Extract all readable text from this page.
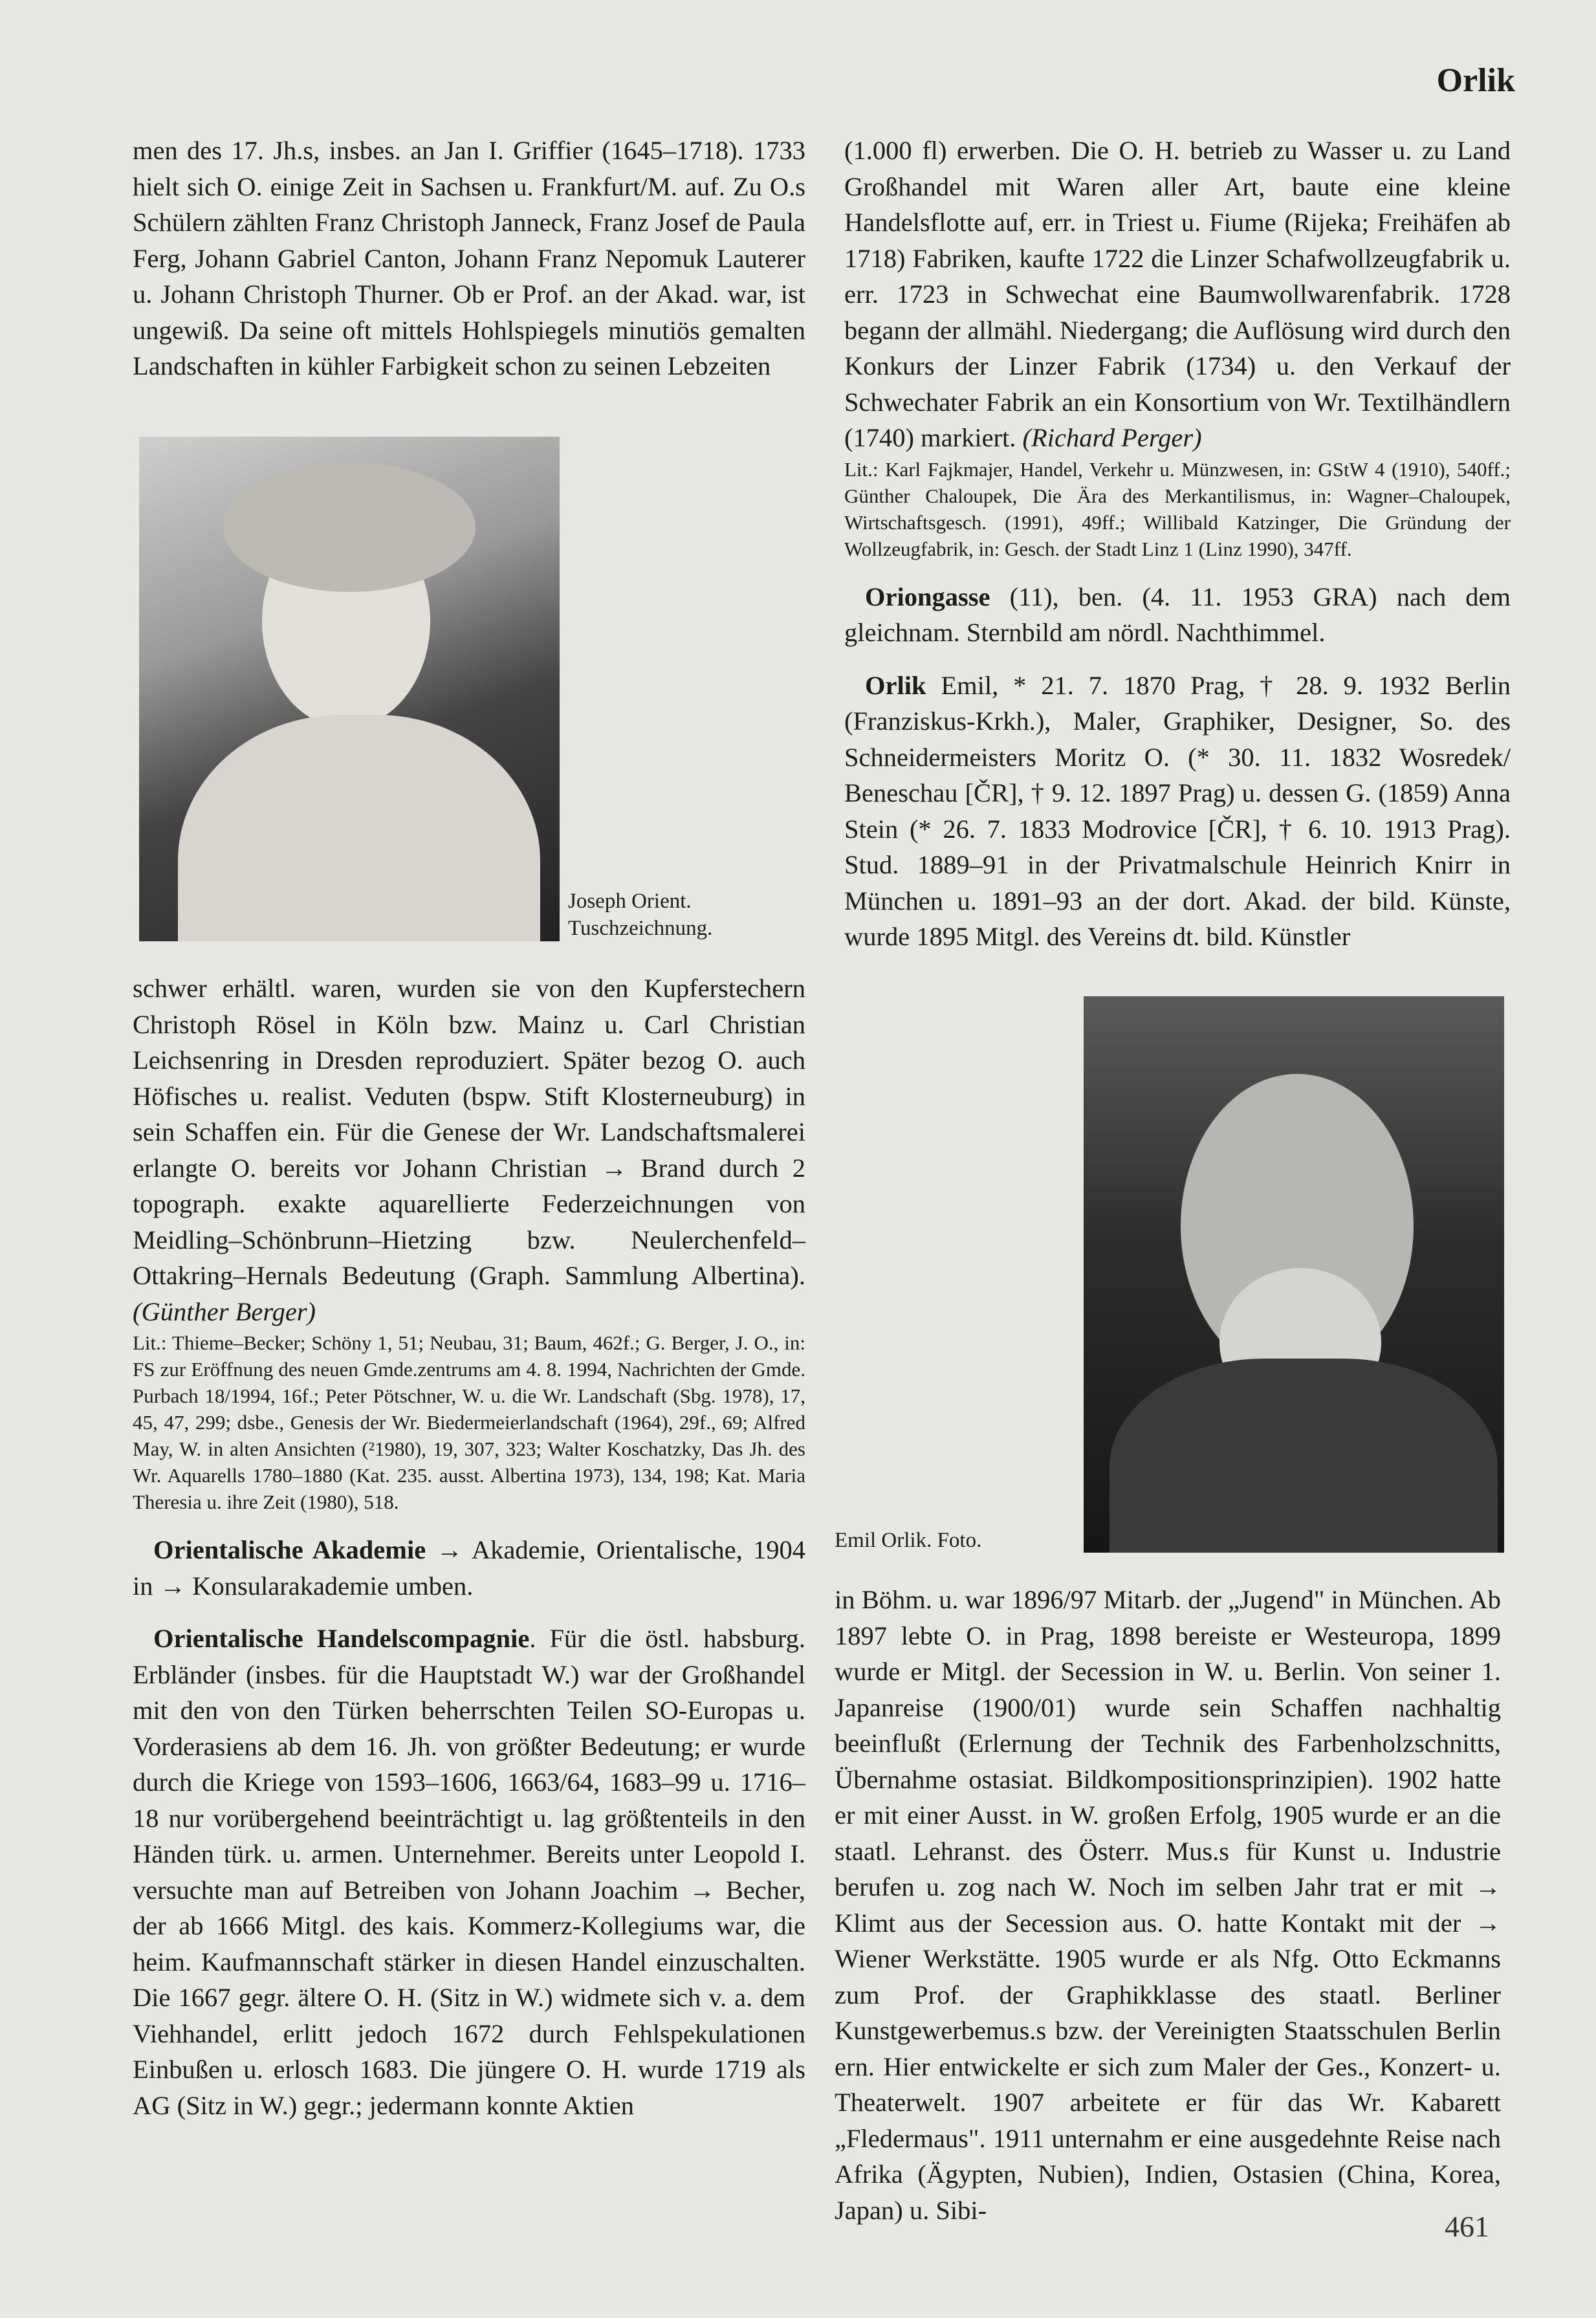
Orlik

men des 17. Jh.s, insbes. an Jan I. Griffier (1645–1718). 1733 hielt sich O. einige Zeit in Sachsen u. Frankfurt/M. auf. Zu O.s Schülern zählten Franz Christoph Janneck, Franz Josef de Paula Ferg, Johann Gabriel Canton, Johann Franz Nepomuk Lauterer u. Johann Christoph Thurner. Ob er Prof. an der Akad. war, ist ungewiß. Da seine oft mittels Hohlspiegels minutiös gemalten Landschaften in kühler Farbigkeit schon zu seinen Lebzeiten

Joseph Orient. Tuschzeichnung.

schwer erhältl. waren, wurden sie von den Kupferstechern Christoph Rösel in Köln bzw. Mainz u. Carl Christian Leichsenring in Dresden reproduziert. Später bezog O. auch Höfisches u. realist. Veduten (bspw. Stift Klosterneuburg) in sein Schaffen ein. Für die Genese der Wr. Landschaftsmalerei erlangte O. bereits vor Johann Christian → Brand durch 2 topograph. exakte aquarellierte Federzeichnungen von Meidling–Schönbrunn–Hietzing bzw. Neulerchenfeld–Ottakring–Hernals Bedeutung (Graph. Sammlung Albertina). (Günther Berger)

Lit.: Thieme–Becker; Schöny 1, 51; Neubau, 31; Baum, 462f.; G. Berger, J. O., in: FS zur Eröffnung des neuen Gmde.zentrums am 4. 8. 1994, Nachrichten der Gmde. Purbach 18/1994, 16f.; Peter Pötschner, W. u. die Wr. Landschaft (Sbg. 1978), 17, 45, 47, 299; dsbe., Genesis der Wr. Biedermeierlandschaft (1964), 29f., 69; Alfred May, W. in alten Ansichten (²1980), 19, 307, 323; Walter Koschatzky, Das Jh. des Wr. Aquarells 1780–1880 (Kat. 235. ausst. Albertina 1973), 134, 198; Kat. Maria Theresia u. ihre Zeit (1980), 518.

Orientalische Akademie → Akademie, Orientalische, 1904 in → Konsularakademie umben.

Orientalische Handelscompagnie. Für die östl. habsburg. Erbländer (insbes. für die Hauptstadt W.) war der Großhandel mit den von den Türken beherrschten Teilen SO-Europas u. Vorderasiens ab dem 16. Jh. von größter Bedeutung; er wurde durch die Kriege von 1593–1606, 1663/64, 1683–99 u. 1716–18 nur vorübergehend beeinträchtigt u. lag größtenteils in den Händen türk. u. armen. Unternehmer. Bereits unter Leopold I. versuchte man auf Betreiben von Johann Joachim → Becher, der ab 1666 Mitgl. des kais. Kommerz-Kollegiums war, die heim. Kaufmannschaft stärker in diesen Handel einzuschalten. Die 1667 gegr. ältere O. H. (Sitz in W.) widmete sich v. a. dem Viehhandel, erlitt jedoch 1672 durch Fehlspekulationen Einbußen u. erlosch 1683. Die jüngere O. H. wurde 1719 als AG (Sitz in W.) gegr.; jedermann konnte Aktien

(1.000 fl) erwerben. Die O. H. betrieb zu Wasser u. zu Land Großhandel mit Waren aller Art, baute eine kleine Handelsflotte auf, err. in Triest u. Fiume (Rijeka; Freihäfen ab 1718) Fabriken, kaufte 1722 die Linzer Schafwollzeugfabrik u. err. 1723 in Schwechat eine Baumwollwarenfabrik. 1728 begann der allmähl. Niedergang; die Auflösung wird durch den Konkurs der Linzer Fabrik (1734) u. den Verkauf der Schwechater Fabrik an ein Konsortium von Wr. Textilhändlern (1740) markiert. (Richard Perger)

Lit.: Karl Fajkmajer, Handel, Verkehr u. Münzwesen, in: GStW 4 (1910), 540ff.; Günther Chaloupek, Die Ära des Merkantilismus, in: Wagner–Chaloupek, Wirtschaftsgesch. (1991), 49ff.; Willibald Katzinger, Die Gründung der Wollzeugfabrik, in: Gesch. der Stadt Linz 1 (Linz 1990), 347ff.

Oriongasse (11), ben. (4. 11. 1953 GRA) nach dem gleichnam. Sternbild am nördl. Nachthimmel.

Orlik Emil, * 21. 7. 1870 Prag, † 28. 9. 1932 Berlin (Franziskus-Krkh.), Maler, Graphiker, Designer, So. des Schneidermeisters Moritz O. (* 30. 11. 1832 Wosredek/ Beneschau [ČR], † 9. 12. 1897 Prag) u. dessen G. (1859) Anna Stein (* 26. 7. 1833 Modrovice [ČR], † 6. 10. 1913 Prag). Stud. 1889–91 in der Privatmalschule Heinrich Knirr in München u. 1891–93 an der dort. Akad. der bild. Künste, wurde 1895 Mitgl. des Vereins dt. bild. Künstler

Emil Orlik. Foto.

in Böhm. u. war 1896/97 Mitarb. der „Jugend" in München. Ab 1897 lebte O. in Prag, 1898 bereiste er Westeuropa, 1899 wurde er Mitgl. der Secession in W. u. Berlin. Von seiner 1. Japanreise (1900/01) wurde sein Schaffen nachhaltig beeinflußt (Erlernung der Technik des Farbenholzschnitts, Übernahme ostasiat. Bildkompositionsprinzipien). 1902 hatte er mit einer Ausst. in W. großen Erfolg, 1905 wurde er an die staatl. Lehranst. des Österr. Mus.s für Kunst u. Industrie berufen u. zog nach W. Noch im selben Jahr trat er mit → Klimt aus der Secession aus. O. hatte Kontakt mit der → Wiener Werkstätte. 1905 wurde er als Nfg. Otto Eckmanns zum Prof. der Graphikklasse des staatl. Berliner Kunstgewerbemus.s bzw. der Vereinigten Staatsschulen Berlin ern. Hier entwickelte er sich zum Maler der Ges., Konzert- u. Theaterwelt. 1907 arbeitete er für das Wr. Kabarett „Fledermaus". 1911 unternahm er eine ausgedehnte Reise nach Afrika (Ägypten, Nubien), Indien, Ostasien (China, Korea, Japan) u. Sibi-	461
